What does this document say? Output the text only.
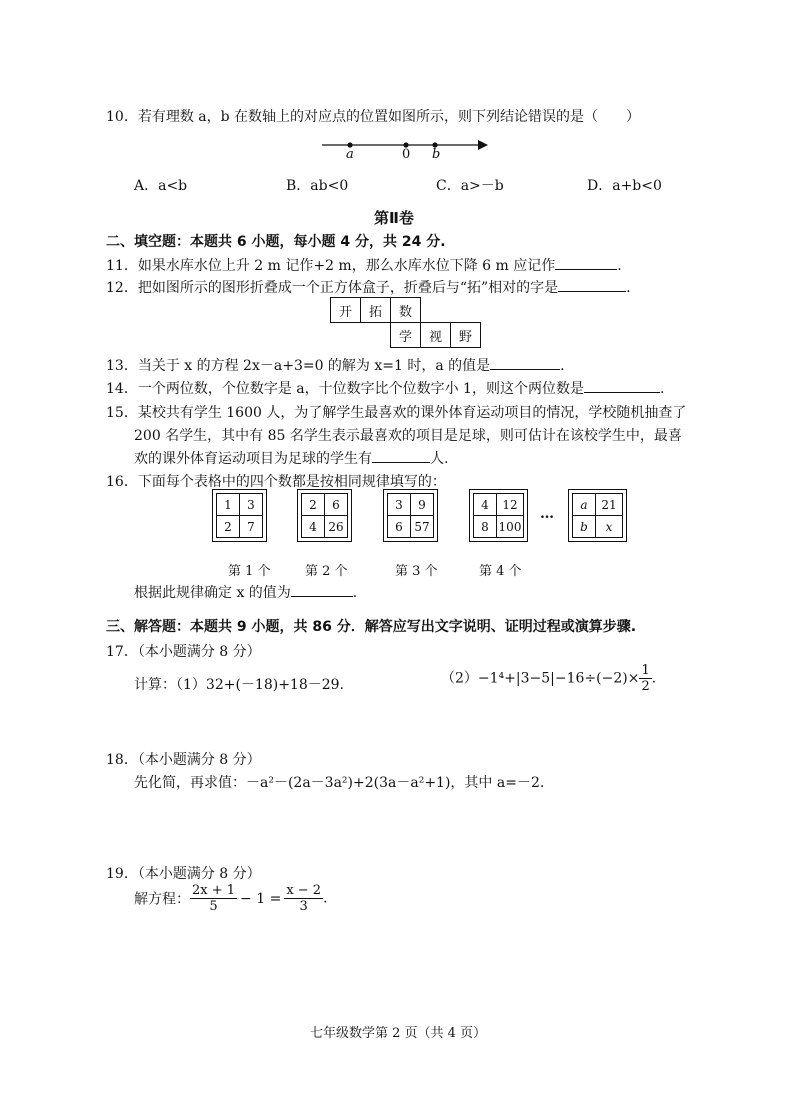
10．若有理数 a，b 在数轴上的对应点的位置如图所示，则下列结论错误的是（　　）
a	0 b
A．a<b	B．ab<0	C．a>－b	D．a+b<0
第Ⅱ卷
二、填空题：本题共 6 小题，每小题 4 分，共 24 分.
11．如果水库水位上升 2 m 记作+2 m，那么水库水位下降 6 m 应记作	.
12．把如图所示的图形折叠成一个正方体盒子，折叠后与“拓”相对的字是	.
开	拓	数		
		学	视	野
13．当关于 x 的方程 2x－a+3=0 的解为 x=1 时，a 的值是	.
14．一个两位数，个位数字是 a，十位数字比个位数字小 1，则这个两位数是	.
15．某校共有学生 1600 人，为了解学生最喜欢的课外体育运动项目的情况，学校随机抽查了
200 名学生，其中有 85 名学生表示最喜欢的项目是足球，则可估计在该校学生中，最喜
欢的课外体育运动项目为足球的学生有	人.
16．下面每个表格中的四个数都是按相同规律填写的：
1	3
2	7
2	6
4	26
3	9
6	57
4	12
8	100
…
a	21
b	x
第 1 个	第 2 个	第 3 个	第 4 个
根据此规律确定 x 的值为	.
三、解答题：本题共 9 小题，共 86 分．解答应写出文字说明、证明过程或演算步骤.
17．（本小题满分 8 分）
计算：（1）32+(－18)+18－29.	$(2)-1^4+|3-5|-16\div(-2)\times \frac{1}{2}$ .
18．（本小题满分 8 分）
先化简，再求值：－a²－(2a－3a²)+2(3a－a²+1)，其中 a=－2.
19．（本小题满分 8 分）
解方程： $\frac{2x + 1}{5} - 1 = \frac{x - 2}{3}$ .
七年级数学第 2 页（共 4 页）
